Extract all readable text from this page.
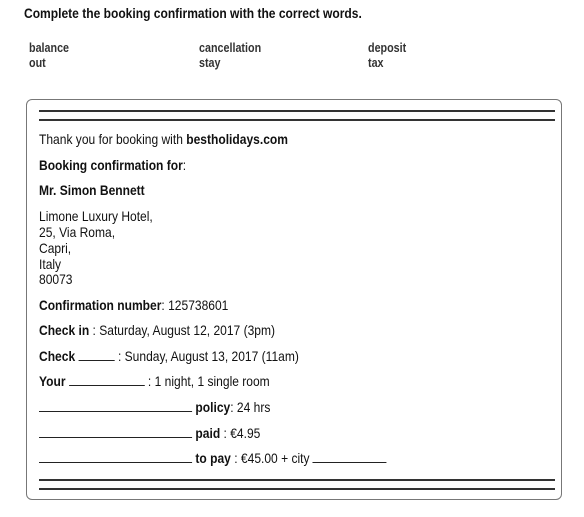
Complete the booking confirmation with the correct words.
balance	cancellation	deposit
out	stay	tax
Thank you for booking with bestholidays.com
Booking confirmation for:
Mr. Simon Bennett
Limone Luxury Hotel,
25, Via Roma,
Capri,
Italy
80073
Confirmation number: 125738601
Check in : Saturday, August 12, 2017 (3pm)
Check	: Sunday, August 13, 2017 (11am)
Your	: 1 night, 1 single room
policy: 24 hrs
paid : €4.95
to pay : €45.00 + city
